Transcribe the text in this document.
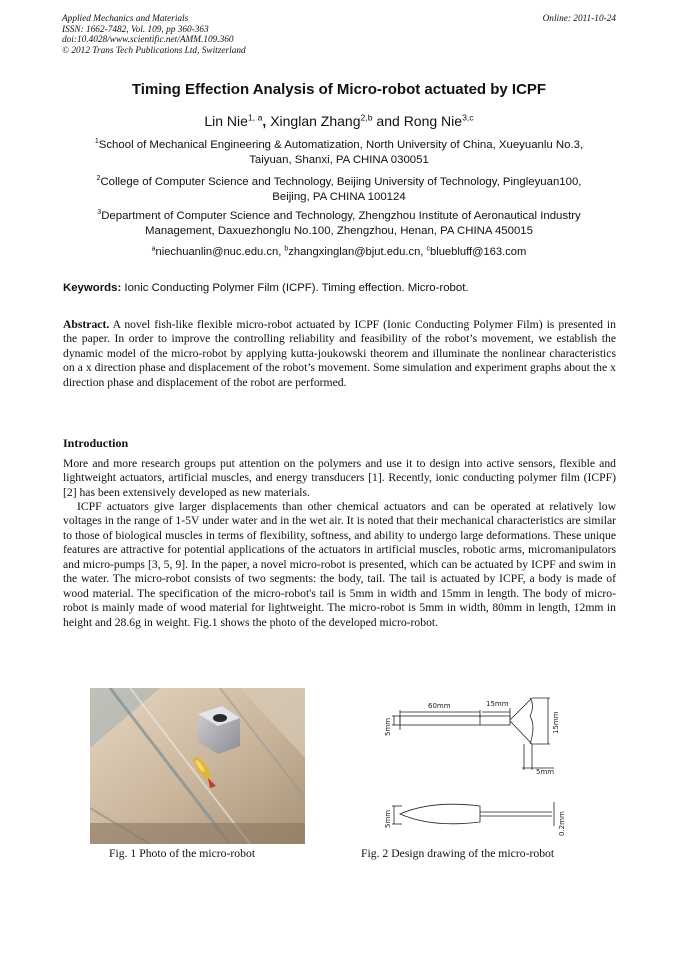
Applied Mechanics and Materials
ISSN: 1662-7482, Vol. 109, pp 360-363
doi:10.4028/www.scientific.net/AMM.109.360
© 2012 Trans Tech Publications Ltd, Switzerland
Online: 2011-10-24
Timing Effection Analysis of Micro-robot actuated by ICPF
Lin Nie$^{1, a}$, Xinglan Zhang$^{2,b}$ and Rong Nie$^{3,c}$
$^1$School of Mechanical Engineering & Automatization, North University of China, Xueyuanlu No.3,
Taiyuan, Shanxi, PA CHINA 030051
$^2$College of Computer Science and Technology, Beijing University of Technology, Pingleyuan100,
Beijing, PA CHINA 100124
$^3$Department of Computer Science and Technology, Zhengzhou Institute of Aeronautical Industry
Management, Daxuezhonglu No.100, Zhengzhou, Henan, PA CHINA 450015
$^a$niechuanlin@nuc.edu.cn, $^b$zhangxinglan@bjut.edu.cn, $^c$bluebluff@163.com
Keywords: Ionic Conducting Polymer Film (ICPF). Timing effection. Micro-robot.
Abstract. A novel fish-like flexible micro-robot actuated by ICPF (Ionic Conducting Polymer Film) is presented in the paper. In order to improve the controlling reliability and feasibility of the robot’s movement, we establish the dynamic model of the micro-robot by applying kutta-joukowski theorem and illuminate the nonlinear characteristics on a x direction phase and displacement of the robot’s movement. Some simulation and experiment graphs about the x direction phase and displacement of the robot are performed.
Introduction
More and more research groups put attention on the polymers and use it to design into active sensors, flexible and lightweight actuators, artificial muscles, and energy transducers [1]. Recently, ionic conducting polymer film (ICPF) [2] has been extensively developed as new materials.
ICPF actuators give larger displacements than other chemical actuators and can be operated at relatively low voltages in the range of 1-5V under water and in the wet air. It is noted that their mechanical characteristics are similar to those of biological muscles in terms of flexibility, softness, and ability to undergo large deformations. These unique features are attractive for potential applications of the actuators in artificial muscles, robotic arms, micromanipulators and micro-pumps [3, 5, 9]. In the paper, a novel micro-robot is presented, which can be actuated by ICPF and swim in the water. The micro-robot consists of two segments: the body, tail. The tail is actuated by ICPF, a body is made of wood material. The specification of the micro-robot's tail is 5mm in width and 15mm in length. The body of micro-robot is mainly made of wood material for lightweight. The micro-robot is 5mm in width, 80mm in length, 12mm in height and 28.6g in weight. Fig.1 shows the photo of the developed micro-robot.
60mm	15mm
15mm
5mm
5mm
5mm	0.2mm
Fig. 1 Photo of the micro-robot	Fig. 2 Design drawing of the micro-robot
